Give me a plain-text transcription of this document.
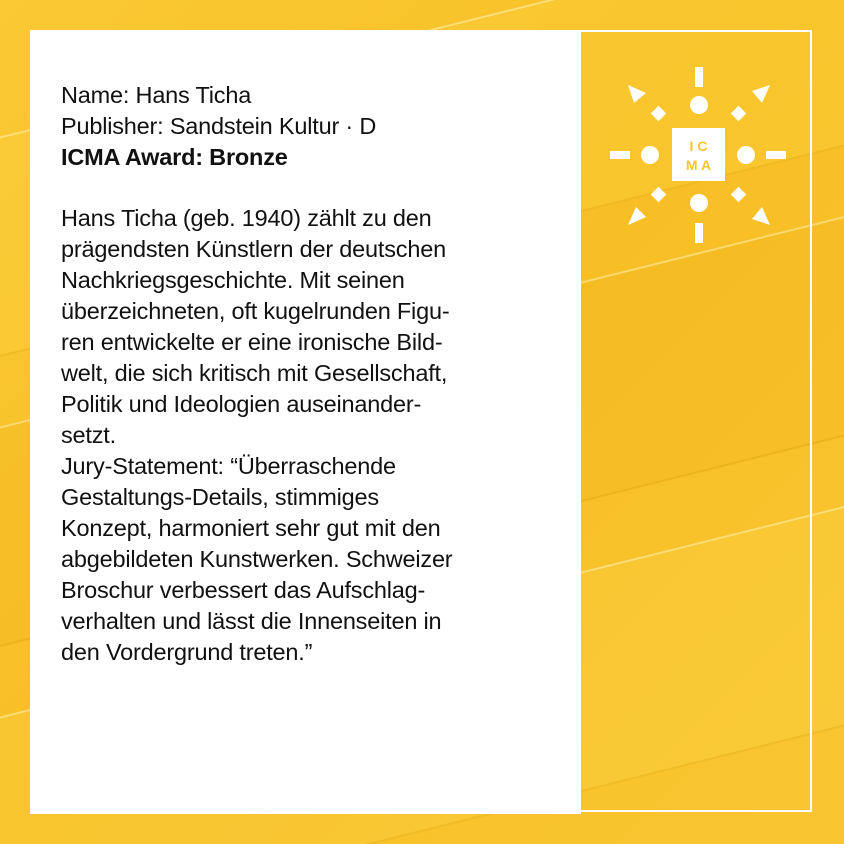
Name: Hans Ticha
Publisher: Sandstein Kultur · D
ICMA Award: Bronze
Hans Ticha (geb. 1940) zählt zu den
prägendsten Künstlern der deutschen
Nachkriegsgeschichte. Mit seinen
überzeichneten, oft kugelrunden Figu-
ren entwickelte er eine ironische Bild-
welt, die sich kritisch mit Gesellschaft,
Politik und Ideologien auseinander-
setzt.
Jury-Statement: “Überraschende
Gestaltungs-Details, stimmiges
Konzept, harmoniert sehr gut mit den
abgebildeten Kunstwerken. Schweizer
Broschur verbessert das Aufschlag-
verhalten und lässt die Innenseiten in
den Vordergrund treten.”
I C
M A
